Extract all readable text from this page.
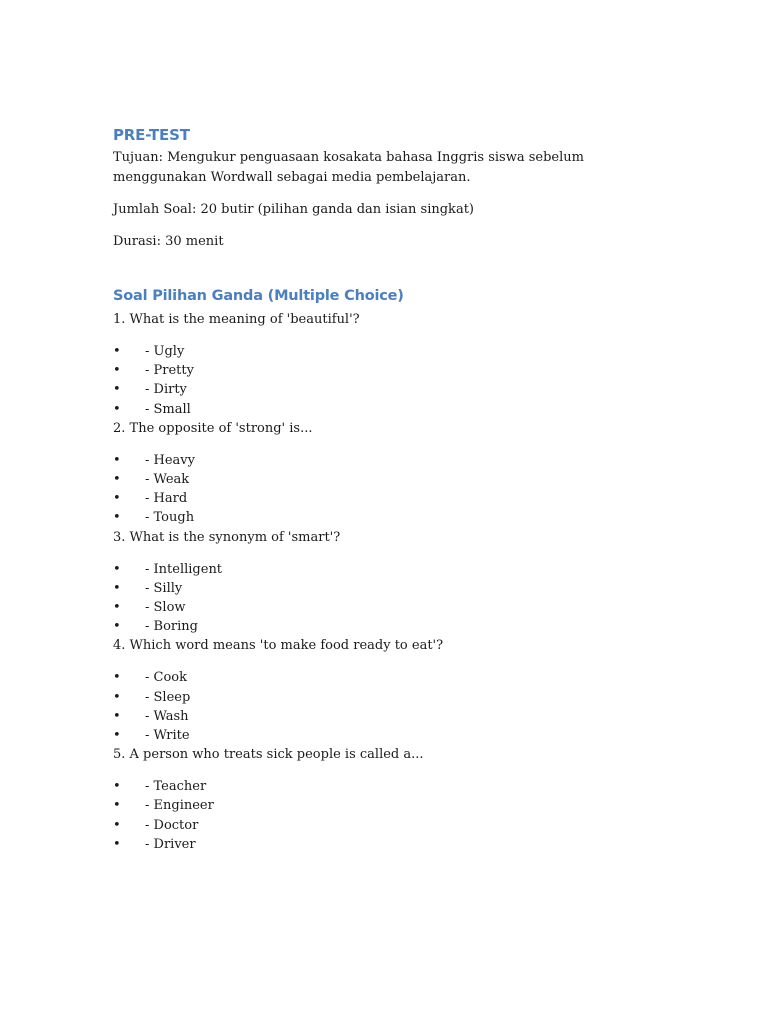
PRE-TEST

Tujuan: Mengukur penguasaan kosakata bahasa Inggris siswa sebelum menggunakan Wordwall sebagai media pembelajaran.

Jumlah Soal: 20 butir (pilihan ganda dan isian singkat)

Durasi: 30 menit

Soal Pilihan Ganda (Multiple Choice)

1. What is the meaning of 'beautiful'?

• - Ugly
• - Pretty
• - Dirty
• - Small

2. The opposite of 'strong' is...

• - Heavy
• - Weak
• - Hard
• - Tough

3. What is the synonym of 'smart'?

• - Intelligent
• - Silly
• - Slow
• - Boring

4. Which word means 'to make food ready to eat'?

• - Cook
• - Sleep
• - Wash
• - Write

5. A person who treats sick people is called a...

• - Teacher
• - Engineer
• - Doctor
• - Driver
